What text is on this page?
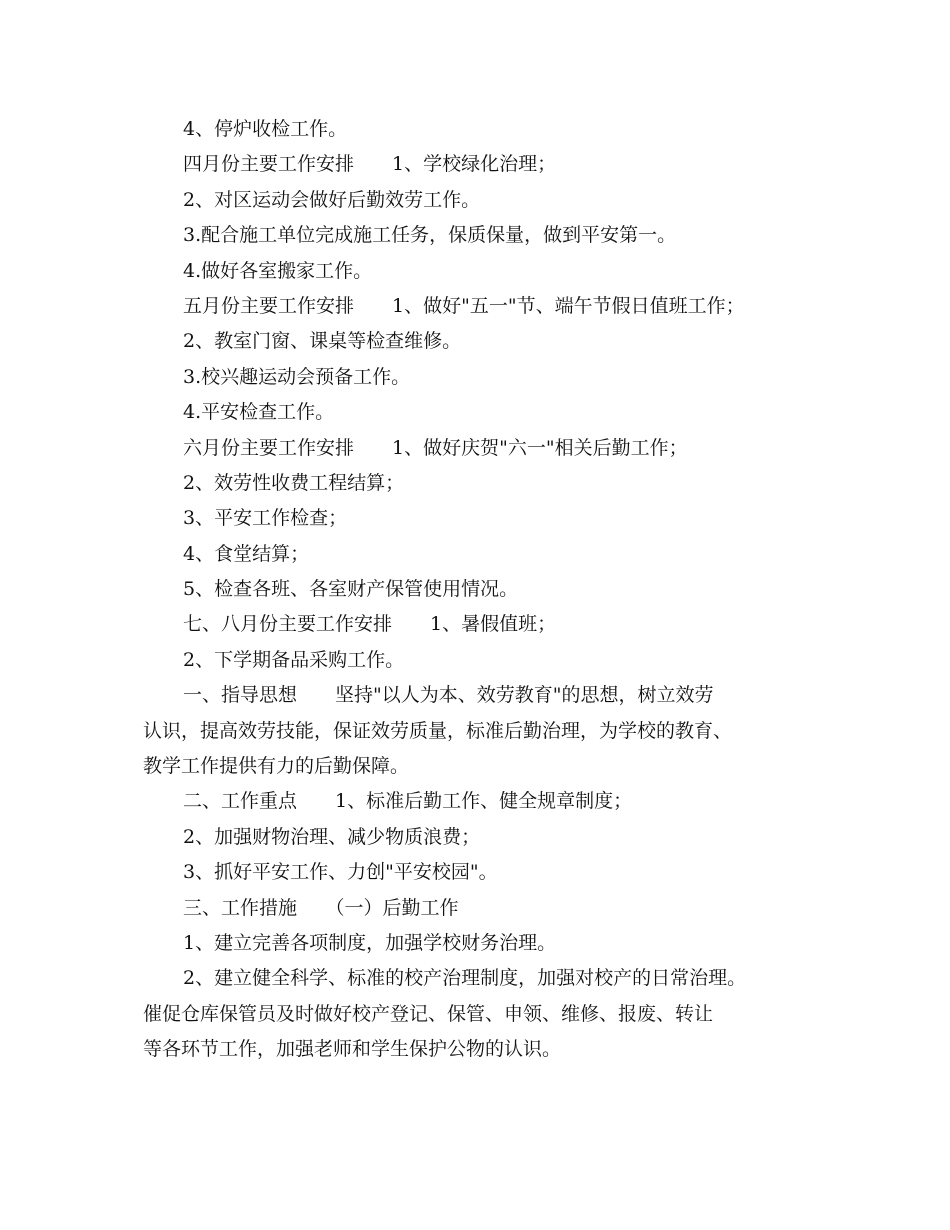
4、停炉收检工作。
四月份主要工作安排　　1、学校绿化治理；
2、对区运动会做好后勤效劳工作。
3.配合施工单位完成施工任务，保质保量，做到平安第一。
4.做好各室搬家工作。
五月份主要工作安排　　1、做好"五一"节、端午节假日值班工作；
2、教室门窗、课桌等检查维修。
3.校兴趣运动会预备工作。
4.平安检查工作。
六月份主要工作安排　　1、做好庆贺"六一"相关后勤工作；
2、效劳性收费工程结算；
3、平安工作检查；
4、食堂结算；
5、检查各班、各室财产保管使用情况。
七、八月份主要工作安排　　1、暑假值班；
2、下学期备品采购工作。
一、指导思想　　坚持"以人为本、效劳教育"的思想，树立效劳
认识，提高效劳技能，保证效劳质量，标准后勤治理，为学校的教育、
教学工作提供有力的后勤保障。
二、工作重点　　1、标准后勤工作、健全规章制度；
2、加强财物治理、减少物质浪费；
3、抓好平安工作、力创"平安校园"。
三、工作措施　　（一）后勤工作
1、建立完善各项制度，加强学校财务治理。
2、建立健全科学、标准的校产治理制度，加强对校产的日常治理。
催促仓库保管员及时做好校产登记、保管、申领、维修、报废、转让
等各环节工作，加强老师和学生保护公物的认识。
